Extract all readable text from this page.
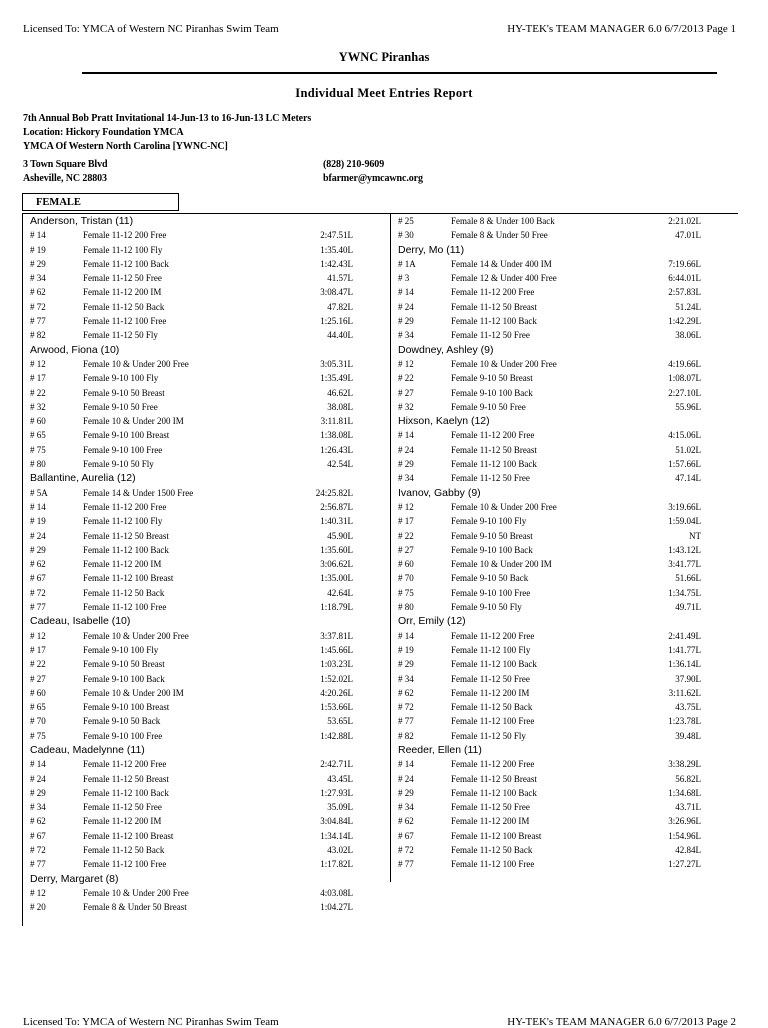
Licensed To: YMCA of Western NC Piranhas Swim Team	HY-TEK's TEAM MANAGER 6.0 6/7/2013 Page 1
YWNC Piranhas
Individual Meet Entries Report
7th Annual Bob Pratt Invitational 14-Jun-13 to 16-Jun-13 LC Meters
Location: Hickory Foundation YMCA
YMCA Of Western North Carolina [YWNC-NC]
3 Town Square Blvd
Asheville, NC 28803
(828) 210-9609
bfarmer@ymcawnc.org
FEMALE
Anderson, Tristan (11)
# 14	Female 11-12 200 Free	2:47.51L
# 19	Female 11-12 100 Fly	1:35.40L
# 29	Female 11-12 100 Back	1:42.43L
# 34	Female 11-12 50 Free	41.57L
# 62	Female 11-12 200 IM	3:08.47L
# 72	Female 11-12 50 Back	47.82L
# 77	Female 11-12 100 Free	1:25.16L
# 82	Female 11-12 50 Fly	44.40L
Arwood, Fiona (10)
# 12	Female 10 & Under 200 Free	3:05.31L
# 17	Female 9-10 100 Fly	1:35.49L
# 22	Female 9-10 50 Breast	46.62L
# 32	Female 9-10 50 Free	38.08L
# 60	Female 10 & Under 200 IM	3:11.81L
# 65	Female 9-10 100 Breast	1:38.08L
# 75	Female 9-10 100 Free	1:26.43L
# 80	Female 9-10 50 Fly	42.54L
Ballantine, Aurelia (12)
# 5A	Female 14 & Under 1500 Free	24:25.82L
# 14	Female 11-12 200 Free	2:56.87L
# 19	Female 11-12 100 Fly	1:40.31L
# 24	Female 11-12 50 Breast	45.90L
# 29	Female 11-12 100 Back	1:35.60L
# 62	Female 11-12 200 IM	3:06.62L
# 67	Female 11-12 100 Breast	1:35.00L
# 72	Female 11-12 50 Back	42.64L
# 77	Female 11-12 100 Free	1:18.79L
Cadeau, Isabelle (10)
# 12	Female 10 & Under 200 Free	3:37.81L
# 17	Female 9-10 100 Fly	1:45.66L
# 22	Female 9-10 50 Breast	1:03.23L
# 27	Female 9-10 100 Back	1:52.02L
# 60	Female 10 & Under 200 IM	4:20.26L
# 65	Female 9-10 100 Breast	1:53.66L
# 70	Female 9-10 50 Back	53.65L
# 75	Female 9-10 100 Free	1:42.88L
Cadeau, Madelynne (11)
# 14	Female 11-12 200 Free	2:42.71L
# 24	Female 11-12 50 Breast	43.45L
# 29	Female 11-12 100 Back	1:27.93L
# 34	Female 11-12 50 Free	35.09L
# 62	Female 11-12 200 IM	3:04.84L
# 67	Female 11-12 100 Breast	1:34.14L
# 72	Female 11-12 50 Back	43.02L
# 77	Female 11-12 100 Free	1:17.82L
Derry, Margaret (8)
# 12	Female 10 & Under 200 Free	4:03.08L
# 20	Female 8 & Under 50 Breast	1:04.27L
# 25	Female 8 & Under 100 Back	2:21.02L
# 30	Female 8 & Under 50 Free	47.01L
Derry, Mo (11)
# 1A	Female 14 & Under 400 IM	7:19.66L
# 3	Female 12 & Under 400 Free	6:44.01L
# 14	Female 11-12 200 Free	2:57.83L
# 24	Female 11-12 50 Breast	51.24L
# 29	Female 11-12 100 Back	1:42.29L
# 34	Female 11-12 50 Free	38.06L
Dowdney, Ashley (9)
# 12	Female 10 & Under 200 Free	4:19.66L
# 22	Female 9-10 50 Breast	1:08.07L
# 27	Female 9-10 100 Back	2:27.10L
# 32	Female 9-10 50 Free	55.96L
Hixson, Kaelyn (12)
# 14	Female 11-12 200 Free	4:15.06L
# 24	Female 11-12 50 Breast	51.02L
# 29	Female 11-12 100 Back	1:57.66L
# 34	Female 11-12 50 Free	47.14L
Ivanov, Gabby (9)
# 12	Female 10 & Under 200 Free	3:19.66L
# 17	Female 9-10 100 Fly	1:59.04L
# 22	Female 9-10 50 Breast	NT
# 27	Female 9-10 100 Back	1:43.12L
# 60	Female 10 & Under 200 IM	3:41.77L
# 70	Female 9-10 50 Back	51.66L
# 75	Female 9-10 100 Free	1:34.75L
# 80	Female 9-10 50 Fly	49.71L
Orr, Emily (12)
# 14	Female 11-12 200 Free	2:41.49L
# 19	Female 11-12 100 Fly	1:41.77L
# 29	Female 11-12 100 Back	1:36.14L
# 34	Female 11-12 50 Free	37.90L
# 62	Female 11-12 200 IM	3:11.62L
# 72	Female 11-12 50 Back	43.75L
# 77	Female 11-12 100 Free	1:23.78L
# 82	Female 11-12 50 Fly	39.48L
Reeder, Ellen (11)
# 14	Female 11-12 200 Free	3:38.29L
# 24	Female 11-12 50 Breast	56.82L
# 29	Female 11-12 100 Back	1:34.68L
# 34	Female 11-12 50 Free	43.71L
# 62	Female 11-12 200 IM	3:26.96L
# 67	Female 11-12 100 Breast	1:54.96L
# 72	Female 11-12 50 Back	42.84L
# 77	Female 11-12 100 Free	1:27.27L
Licensed To: YMCA of Western NC Piranhas Swim Team	HY-TEK's TEAM MANAGER 6.0 6/7/2013 Page 2
